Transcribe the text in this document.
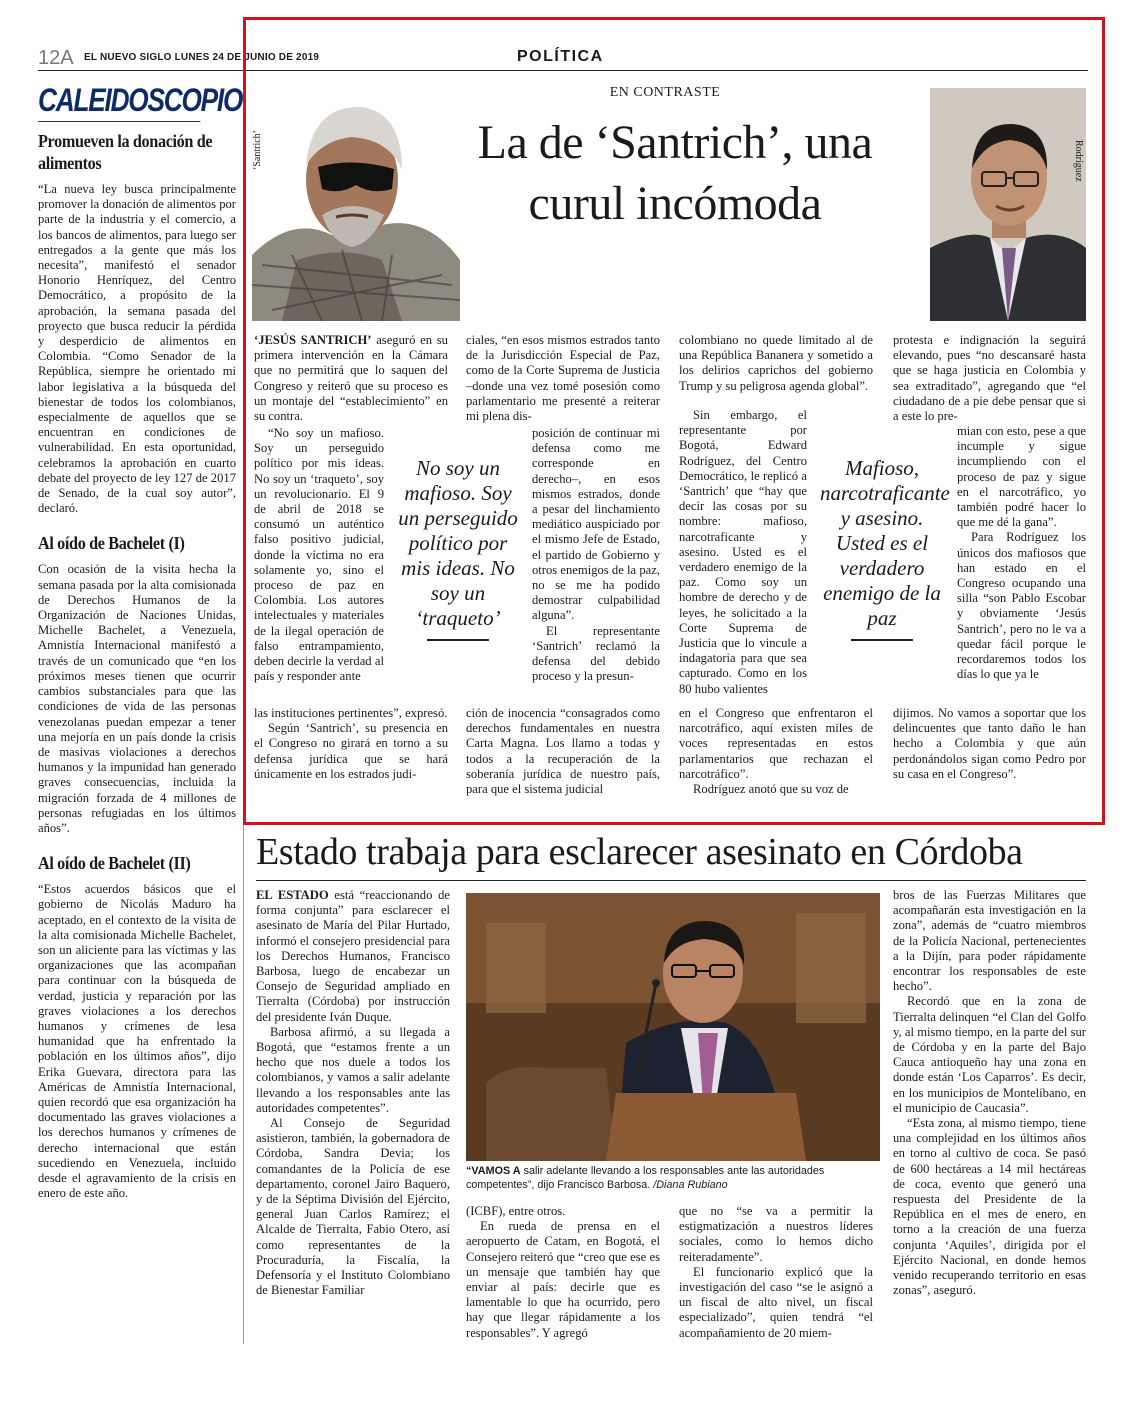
12A EL NUEVO SIGLO LUNES 24 DE JUNIO DE 2019	POLÍTICA
CALEIDOSCOPIO
Promueven la donación de alimentos
“La nueva ley busca principalmente promover la donación de alimentos por parte de la industria y el comercio, a los bancos de alimentos, para luego ser entregados a la gente que más los necesita”, manifestó el senador Honorio Henríquez, del Centro Democrático, a propósito de la aprobación, la semana pasada del proyecto que busca reducir la pérdida y desperdicio de alimentos en Colombia. “Como Senador de la República, siempre he orientado mi labor legislativa a la búsqueda del bienestar de todos los colombianos, especialmente de aquellos que se encuentran en condiciones de vulnerabilidad. En esta oportunidad, celebramos la aprobación en cuarto debate del proyecto de ley 127 de 2017 de Senado, de la cual soy autor”, declaró.
Al oído de Bachelet (I)
Con ocasión de la visita hecha la semana pasada por la alta comisionada de Derechos Humanos de la Organización de Naciones Unidas, Michelle Bachelet, a Venezuela, Amnistía Internacional manifestó a través de un comunicado que “en los próximos meses tienen que ocurrir cambios substanciales para que las condiciones de vida de las personas venezolanas puedan empezar a tener una mejoría en un país donde la crisis de masivas violaciones a derechos humanos y la impunidad han generado graves consecuencias, incluida la migración forzada de 4 millones de personas refugiadas en los últimos años”.
Al oído de Bachelet (II)
“Estos acuerdos básicos que el gobierno de Nicolás Maduro ha aceptado, en el contexto de la visita de la alta comisionada Michelle Bachelet, son un aliciente para las víctimas y las organizaciones que las acompañan para continuar con la búsqueda de verdad, justicia y reparación por las graves violaciones a los derechos humanos y crímenes de lesa humanidad que ha enfrentado la población en los últimos años”, dijo Erika Guevara, directora para las Américas de Amnistía Internacional, quien recordó que esa organización ha documentado las graves violaciones a los derechos humanos y crímenes de derecho internacional que están sucediendo en Venezuela, incluido desde el agravamiento de la crisis en enero de este año.
‘Santrich’	Rodríguez
EN CONTRASTE
La de ‘Santrich’, una curul incómoda

‘JESÚS SANTRICH’ aseguró en su primera intervención en la Cámara que no permitirá que lo saquen del Congreso y reiteró que su proceso es un montaje del “establecimiento” en su contra.

“No soy un mafioso. Soy un perseguido político por mis ideas. No soy un ‘traqueto’, soy un revolucionario. El 9 de abril de 2018 se consumó un auténtico falso positivo judicial, donde la víctima no era solamente yo, sino el proceso de paz en Colombia. Los autores intelectuales y materiales de la ilegal operación de falso entrampamiento, deben decirle la verdad al país y responder ante

las instituciones pertinentes”, expresó.

Según ‘Santrich’, su presencia en el Congreso no girará en torno a su defensa jurídica que se hará únicamente en los estrados judi-

No soy un mafioso. Soy un perseguido político por mis ideas. No soy un ‘traqueto’

ciales, “en esos mismos estrados tanto de la Jurisdicción Especial de Paz, como de la Corte Suprema de Justicia –donde una vez tomé posesión como parlamentario me presenté a reiterar mi plena dis-

posición de continuar mi defensa como me corresponde en derecho–, en esos mismos estrados, donde a pesar del linchamiento mediático auspiciado por el mismo Jefe de Estado, el partido de Gobierno y otros enemigos de la paz, no se me ha podido demostrar culpabilidad alguna”.

El representante ‘Santrich’ reclamó la defensa del debido proceso y la presun-

ción de inocencia “consagrados como derechos fundamentales en nuestra Carta Magna. Los llamo a todas y todos a la recuperación de la soberanía jurídica de nuestro país, para que el sistema judicial

colombiano no quede limitado al de una República Bananera y sometido a los delirios caprichos del gobierno Trump y su peligrosa agenda global”.

Sin embargo, el representante por Bogotá, Edward Rodríguez, del Centro Democrático, le replicó a ‘Santrich’ que “hay que decir las cosas por su nombre: mafioso, narcotraficante y asesino. Usted es el verdadero enemigo de la paz. Como soy un hombre de derecho y de leyes, he solicitado a la Corte Suprema de Justicia que lo vincule a indagatoria para que sea capturado. Como en los 80 hubo valientes

en el Congreso que enfrentaron el narcotráfico, aquí existen miles de voces representadas en estos parlamentarios que rechazan el narcotráfico”.

Rodríguez anotó que su voz de

Mafioso, narcotraficante y asesino. Usted es el verdadero enemigo de la paz

protesta e indignación la seguirá elevando, pues “no descansaré hasta que se haga justicia en Colombia y sea extraditado”, agregando que “el ciudadano de a pie debe pensar que si a este lo pre-

mian con esto, pese a que incumple y sigue incumpliendo con el proceso de paz y sigue en el narcotráfico, yo también podré hacer lo que me dé la gana”.

Para Rodríguez los únicos dos mafiosos que han estado en el Congreso ocupando una silla “son Pablo Escobar y obviamente ‘Jesús Santrich’, pero no le va a quedar fácil porque le recordaremos todos los días lo que ya le

dijimos. No vamos a soportar que los delincuentes que tanto daño le han hecho a Colombia y que aún perdonándolos sigan como Pedro por su casa en el Congreso”.

Estado trabaja para esclarecer asesinato en Córdoba

EL ESTADO está “reaccionando de forma conjunta” para esclarecer el asesinato de María del Pilar Hurtado, informó el consejero presidencial para los Derechos Humanos, Francisco Barbosa, luego de encabezar un Consejo de Seguridad ampliado en Tierralta (Córdoba) por instrucción del presidente Iván Duque.

Barbosa afirmó, a su llegada a Bogotá, que “estamos frente a un hecho que nos duele a todos los colombianos, y vamos a salir adelante llevando a los responsables ante las autoridades competentes”.

Al Consejo de Seguridad asistieron, también, la gobernadora de Córdoba, Sandra Devia; los comandantes de la Policía de ese departamento, coronel Jairo Baquero, y de la Séptima División del Ejército, general Juan Carlos Ramírez; el Alcalde de Tierralta, Fabio Otero, así como representantes de la Procuraduría, la Fiscalía, la Defensoría y el Instituto Colombiano de Bienestar Familiar

“VAMOS A salir adelante llevando a los responsables ante las autoridades competentes”, dijo Francisco Barbosa. /Diana Rubiano

(ICBF), entre otros.

En rueda de prensa en el aeropuerto de Catam, en Bogotá, el Consejero reiteró que “creo que ese es un mensaje que también hay que enviar al país: decirle que es lamentable lo que ha ocurrido, pero hay que llegar rápidamente a los responsables”. Y agregó

que no “se va a permitir la estigmatización a nuestros líderes sociales, como lo hemos dicho reiteradamente”.

El funcionario explicó que la investigación del caso “se le asignó a un fiscal de alto nivel, un fiscal especializado”, quien tendrá “el acompañamiento de 20 miem-

bros de las Fuerzas Militares que acompañarán esta investigación en la zona”, además de “cuatro miembros de la Policía Nacional, pertenecientes a la Dijín, para poder rápidamente encontrar los responsables de este hecho”.

Recordó que en la zona de Tierralta delinquen “el Clan del Golfo y, al mismo tiempo, en la parte del sur de Córdoba y en la parte del Bajo Cauca antioqueño hay una zona en donde están ‘Los Caparros’. Es decir, en los municipios de Montelíbano, en el municipio de Caucasia”.

“Esta zona, al mismo tiempo, tiene una complejidad en los últimos años en torno al cultivo de coca. Se pasó de 600 hectáreas a 14 mil hectáreas de coca, evento que generó una respuesta del Presidente de la República en el mes de enero, en torno a la creación de una fuerza conjunta ‘Aquiles’, dirigida por el Ejército Nacional, en donde hemos venido recuperando territorio en esas zonas”, aseguró.
